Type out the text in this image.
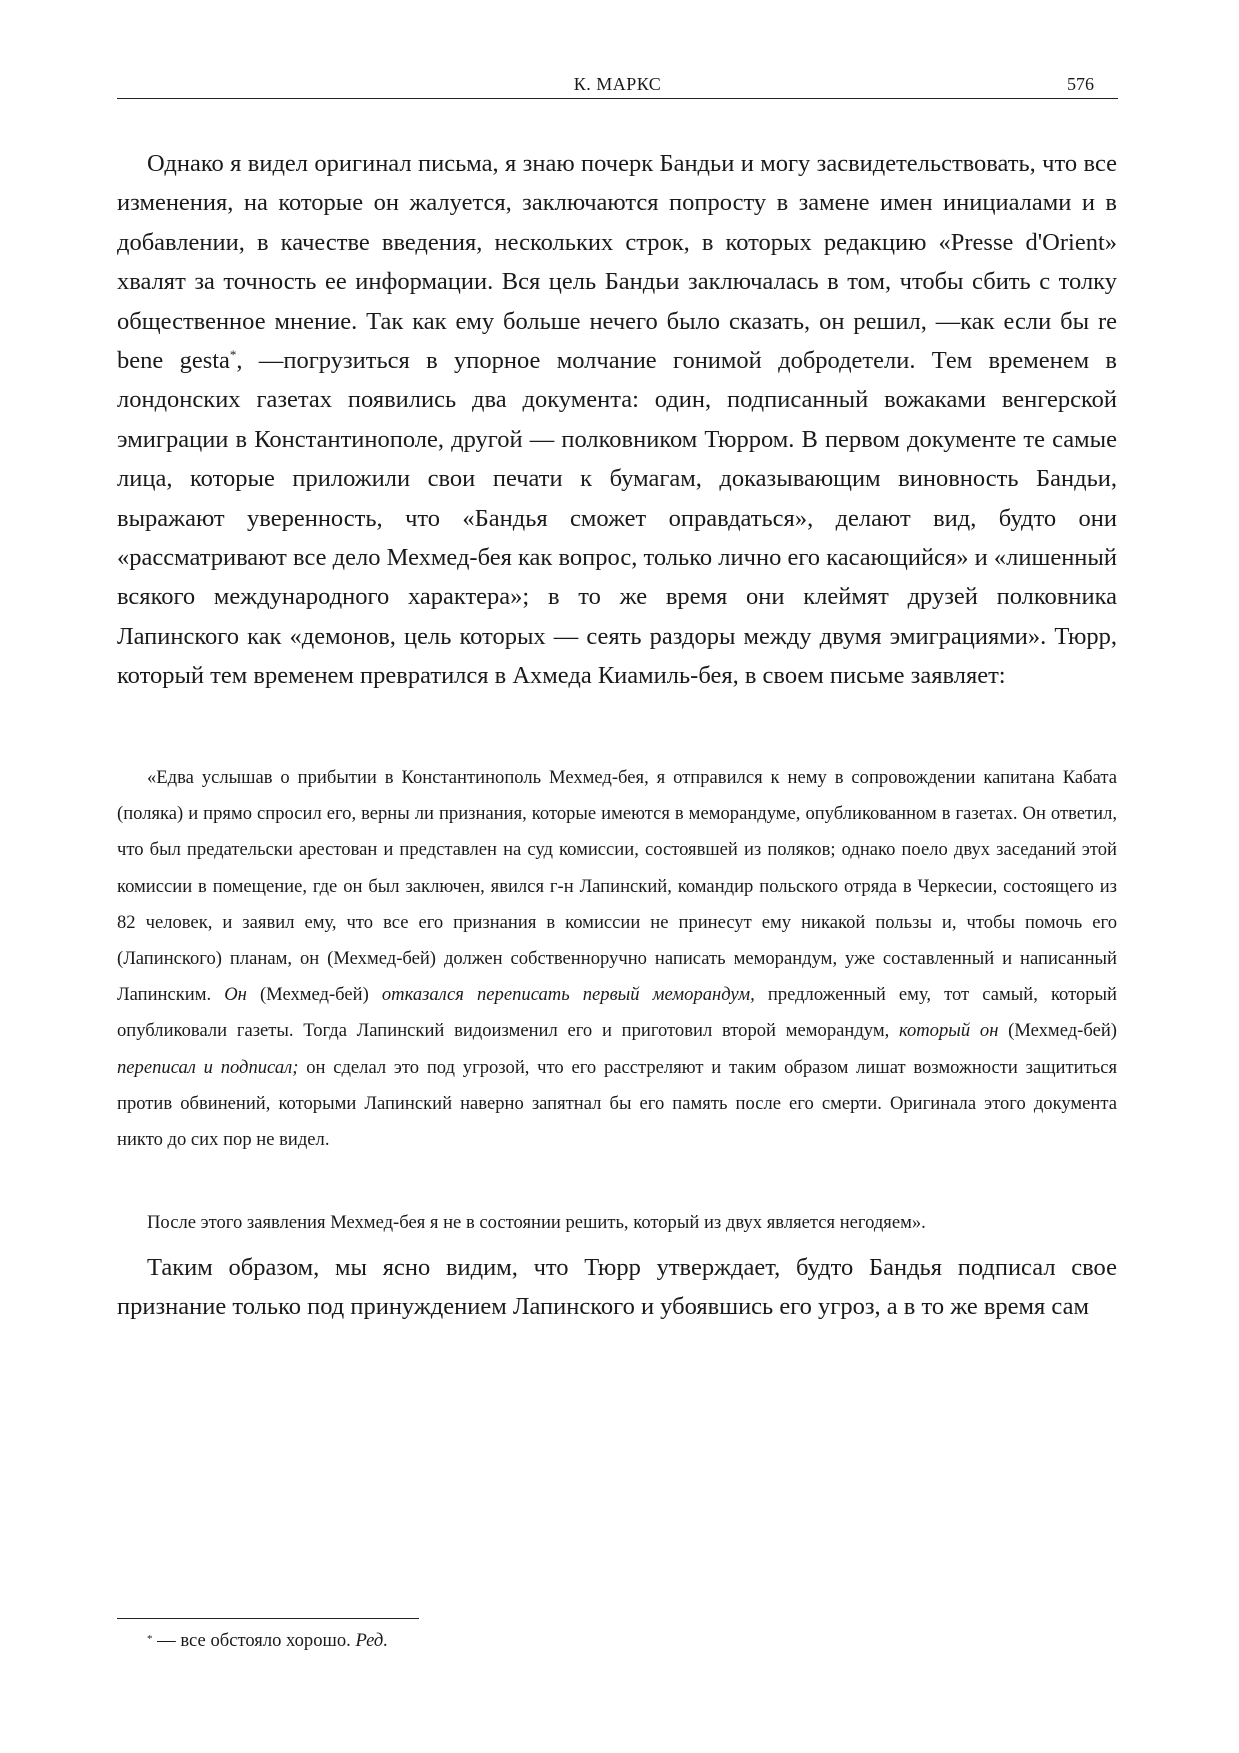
К. МАРКС	576

Однако я видел оригинал письма, я знаю почерк Бандьи и могу засвидетельствовать, что все изменения, на которые он жалуется, заключаются попросту в замене имен инициалами и в добавлении, в качестве введения, нескольких строк, в которых редакцию «Presse d'Orient» хвалят за точность ее информации. Вся цель Бандьи заключалась в том, чтобы сбить с толку общественное мнение. Так как ему больше нечего было сказать, он решил, —как если бы re bene gesta*, —погрузиться в упорное молчание гонимой добродетели. Тем временем в лондонских газетах появились два документа: один, подписанный вожаками венгерской эмиграции в Константинополе, другой — полковником Тюрром. В первом документе те самые лица, которые приложили свои печати к бумагам, доказывающим виновность Бандьи, выражают уверенность, что «Бандья сможет оправдаться», делают вид, будто они «рассматривают все дело Мехмед-бея как вопрос, только лично его касающийся» и «лишенный всякого международного характера»; в то же время они клеймят друзей полковника Лапинского как «демонов, цель которых — сеять раздоры между двумя эмиграциями». Тюрр, который тем временем превратился в Ахмеда Киамиль-бея, в своем письме заявляет:

«Едва услышав о прибытии в Константинополь Мехмед-бея, я отправился к нему в сопровождении капитана Кабата (поляка) и прямо спросил его, верны ли признания, которые имеются в меморандуме, опубликованном в газетах. Он ответил, что был предательски арестован и представлен на суд комиссии, состоявшей из поляков; однако поело двух заседаний этой комиссии в помещение, где он был заключен, явился г-н Лапинский, командир польского отряда в Черкесии, состоящего из 82 человек, и заявил ему, что все его признания в комиссии не принесут ему никакой пользы и, чтобы помочь его (Лапинского) планам, он (Мехмед-бей) должен собственноручно написать меморандум, уже составленный и написанный Лапинским. Он (Мехмед-бей) отказался переписать первый меморандум, предложенный ему, тот самый, который опубликовали газеты. Тогда Лапинский видоизменил его и приготовил второй меморандум, который он (Мехмед-бей) переписал и подписал; он сделал это под угрозой, что его расстреляют и таким образом лишат возможности защититься против обвинений, которыми Лапинский наверно запятнал бы его память после его смерти. Оригинала этого документа никто до сих пор не видел.

После этого заявления Мехмед-бея я не в состоянии решить, который из двух является негодяем».

Таким образом, мы ясно видим, что Тюрр утверждает, будто Бандья подписал свое признание только под принуждением Лапинского и убоявшись его угроз, а в то же время сам

* — все обстояло хорошо. Ред.
